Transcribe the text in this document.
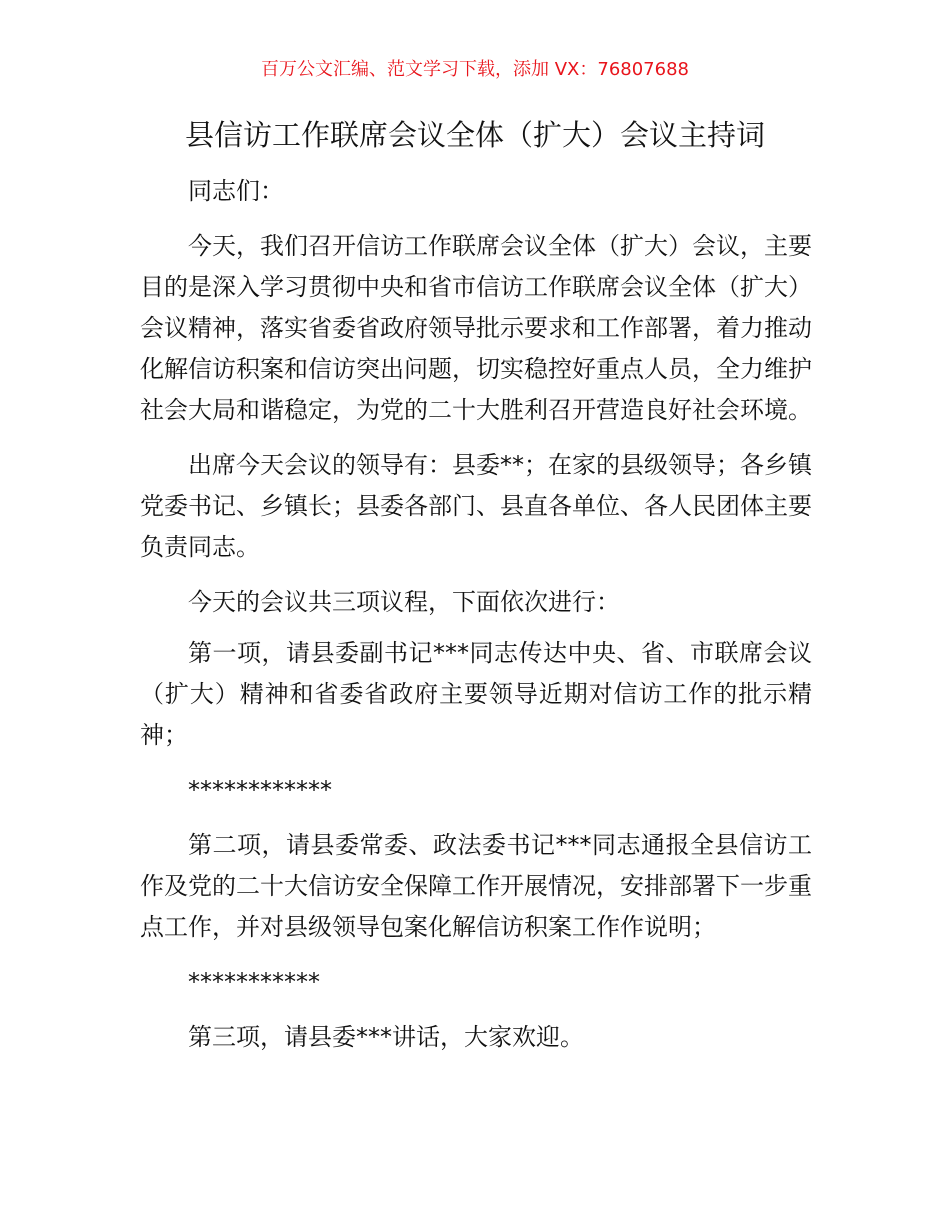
百万公文汇编、范文学习下载，添加 VX：76807688
县信访工作联席会议全体（扩大）会议主持词

同志们：

今天，我们召开信访工作联席会议全体（扩大）会议，主要目的是深入学习贯彻中央和省市信访工作联席会议全体（扩大）会议精神，落实省委省政府领导批示要求和工作部署，着力推动化解信访积案和信访突出问题，切实稳控好重点人员，全力维护社会大局和谐稳定，为党的二十大胜利召开营造良好社会环境。

出席今天会议的领导有：县委**；在家的县级领导；各乡镇党委书记、乡镇长；县委各部门、县直各单位、各人民团体主要负责同志。

今天的会议共三项议程，下面依次进行：

第一项，请县委副书记***同志传达中央、省、市联席会议（扩大）精神和省委省政府主要领导近期对信访工作的批示精神；

************

第二项，请县委常委、政法委书记***同志通报全县信访工作及党的二十大信访安全保障工作开展情况，安排部署下一步重点工作，并对县级领导包案化解信访积案工作作说明；

***********

第三项，请县委***讲话，大家欢迎。
